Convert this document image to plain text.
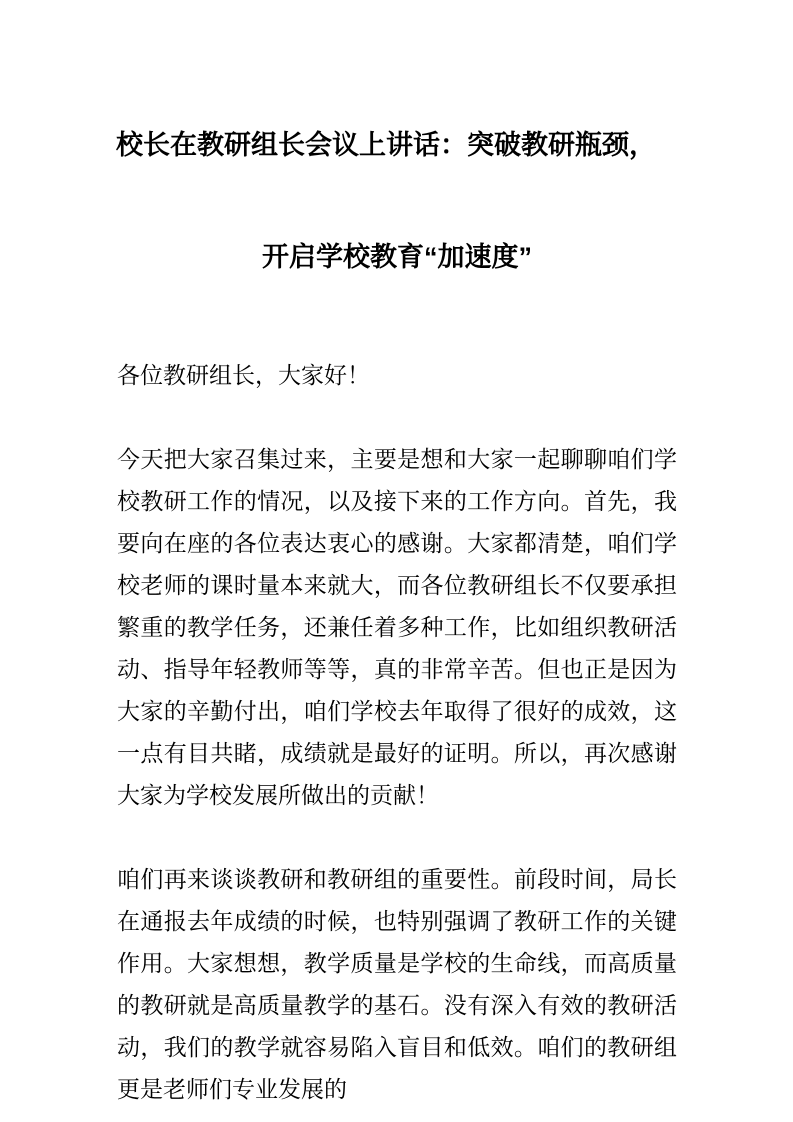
校长在教研组长会议上讲话：突破教研瓶颈，
开启学校教育“加速度”

各位教研组长，大家好！

今天把大家召集过来，主要是想和大家一起聊聊咱们学校教研工作的情况，以及接下来的工作方向。首先，我要向在座的各位表达衷心的感谢。大家都清楚，咱们学校老师的课时量本来就大，而各位教研组长不仅要承担繁重的教学任务，还兼任着多种工作，比如组织教研活动、指导年轻教师等等，真的非常辛苦。但也正是因为大家的辛勤付出，咱们学校去年取得了很好的成效，这一点有目共睹，成绩就是最好的证明。所以，再次感谢大家为学校发展所做出的贡献！

咱们再来谈谈教研和教研组的重要性。前段时间，局长在通报去年成绩的时候，也特别强调了教研工作的关键作用。大家想想，教学质量是学校的生命线，而高质量的教研就是高质量教学的基石。没有深入有效的教研活动，我们的教学就容易陷入盲目和低效。咱们的教研组更是老师们专业发展的
